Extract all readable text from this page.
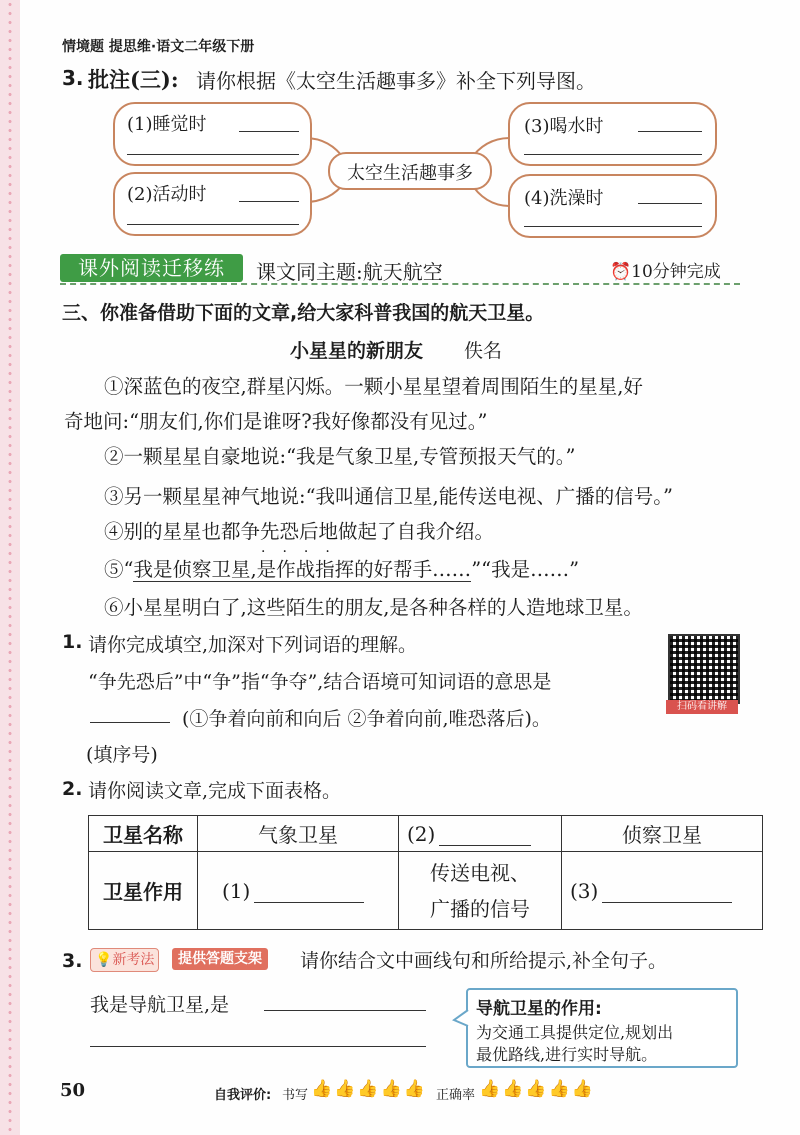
情境题 提思维·语文二年级下册
3. 批注(三): 请你根据《太空生活趣事多》补全下列导图。
(1)睡觉时
(2)活动时
(3)喝水时
(4)洗澡时
太空生活趣事多
课外阅读迁移练	课文同主题:航天航空	⏰10分钟完成
三、你准备借助下面的文章,给大家科普我国的航天卫星。
小星星的新朋友 佚名
①深蓝色的夜空,群星闪烁。一颗小星星望着周围陌生的星星,好
奇地问:“朋友们,你们是谁呀?我好像都没有见过。”
②一颗星星自豪地说:“我是气象卫星,专管预报天气的。”
③另一颗星星神气地说:“我叫通信卫星,能传送电视、广播的信号。”
④别的星星也都争先恐后地做起了自我介绍。
⑤“我是侦察卫星,是作战指挥的好帮手……”“我是……”
····
⑥小星星明白了,这些陌生的朋友,是各种各样的人造地球卫星。
1. 请你完成填空,加深对下列词语的理解。
“争先恐后”中“争”指“争夺”,结合语境可知词语的意思是
(①争着向前和向后 ②争着向前,唯恐落后)。
(填序号)
扫码看讲解
2. 请你阅读文章,完成下面表格。
卫星名称	气象卫星	(2)	侦察卫星
卫星作用	(1)	传送电视、
广播的信号	(3)
3. 💡新考法	提供答题支架	请你结合文中画线句和所给提示,补全句子。
我是导航卫星,是	导航卫星的作用:
为交通工具提供定位,规划出
最优路线,进行实时导航。
50	自我评价: 书写 👍 👍 👍 👍 👍 正确率 👍 👍 👍 👍 👍
